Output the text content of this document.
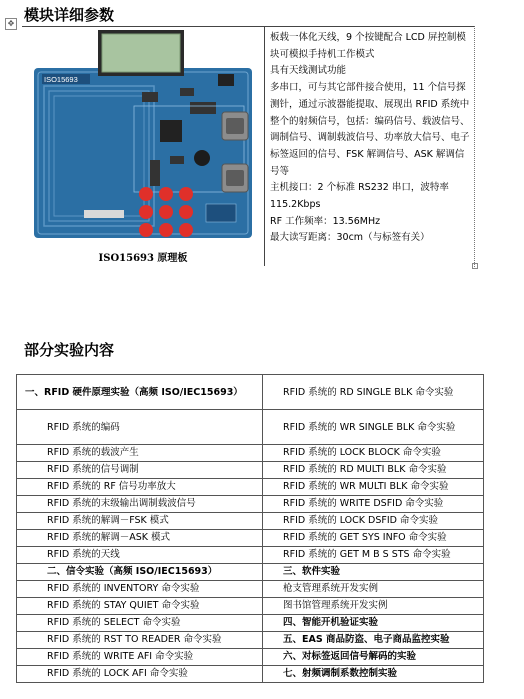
模块详细参数
✥
ISO15693
ISO15693 原理板

板载一体化天线，9 个按键配合 LCD 屏控制模块可模拟手持机工作模式

具有天线测试功能

多串口，可与其它部件接合使用，11 个信号探测针，通过示波器能提取、展现出 RFID 系统中整个的射频信号，包括：编码信号、载波信号、调制信号、调制载波信号、功率放大信号、电子标签返回的信号、FSK 解调信号、ASK 解调信号等

主机接口：2 个标准 RS232 串口，波特率 115.2Kbps

RF 工作频率：13.56MHz

最大读写距离：30cm（与标签有关）

部分实验内容
一、RFID 硬件原理实验（高频 ISO/IEC15693）	RFID 系统的 RD SINGLE BLK 命令实验
RFID 系统的编码	RFID 系统的 WR SINGLE BLK 命令实验
RFID 系统的载波产生	RFID 系统的 LOCK BLOCK 命令实验
RFID 系统的信号调制	RFID 系统的 RD MULTI BLK 命令实验
RFID 系统的 RF 信号功率放大	RFID 系统的 WR MULTI BLK 命令实验
RFID 系统的末级输出调制载波信号	RFID 系统的 WRITE DSFID 命令实验
RFID 系统的解调－FSK 模式	RFID 系统的 LOCK DSFID 命令实验
RFID 系统的解调－ASK 模式	RFID 系统的 GET SYS INFO 命令实验
RFID 系统的天线	RFID 系统的 GET M B S STS 命令实验
二、信令实验（高频 ISO/IEC15693）	三、软件实验
RFID 系统的 INVENTORY 命令实验	枪支管理系统开发实例
RFID 系统的 STAY QUIET 命令实验	图书馆管理系统开发实例
RFID 系统的 SELECT 命令实验	四、智能开机验证实验
RFID 系统的 RST TO READER 命令实验	五、EAS 商品防盗、电子商品监控实验
RFID 系统的 WRITE AFI 命令实验	六、对标签返回信号解码的实验
RFID 系统的 LOCK AFI 命令实验	七、射频调制系数控制实验
